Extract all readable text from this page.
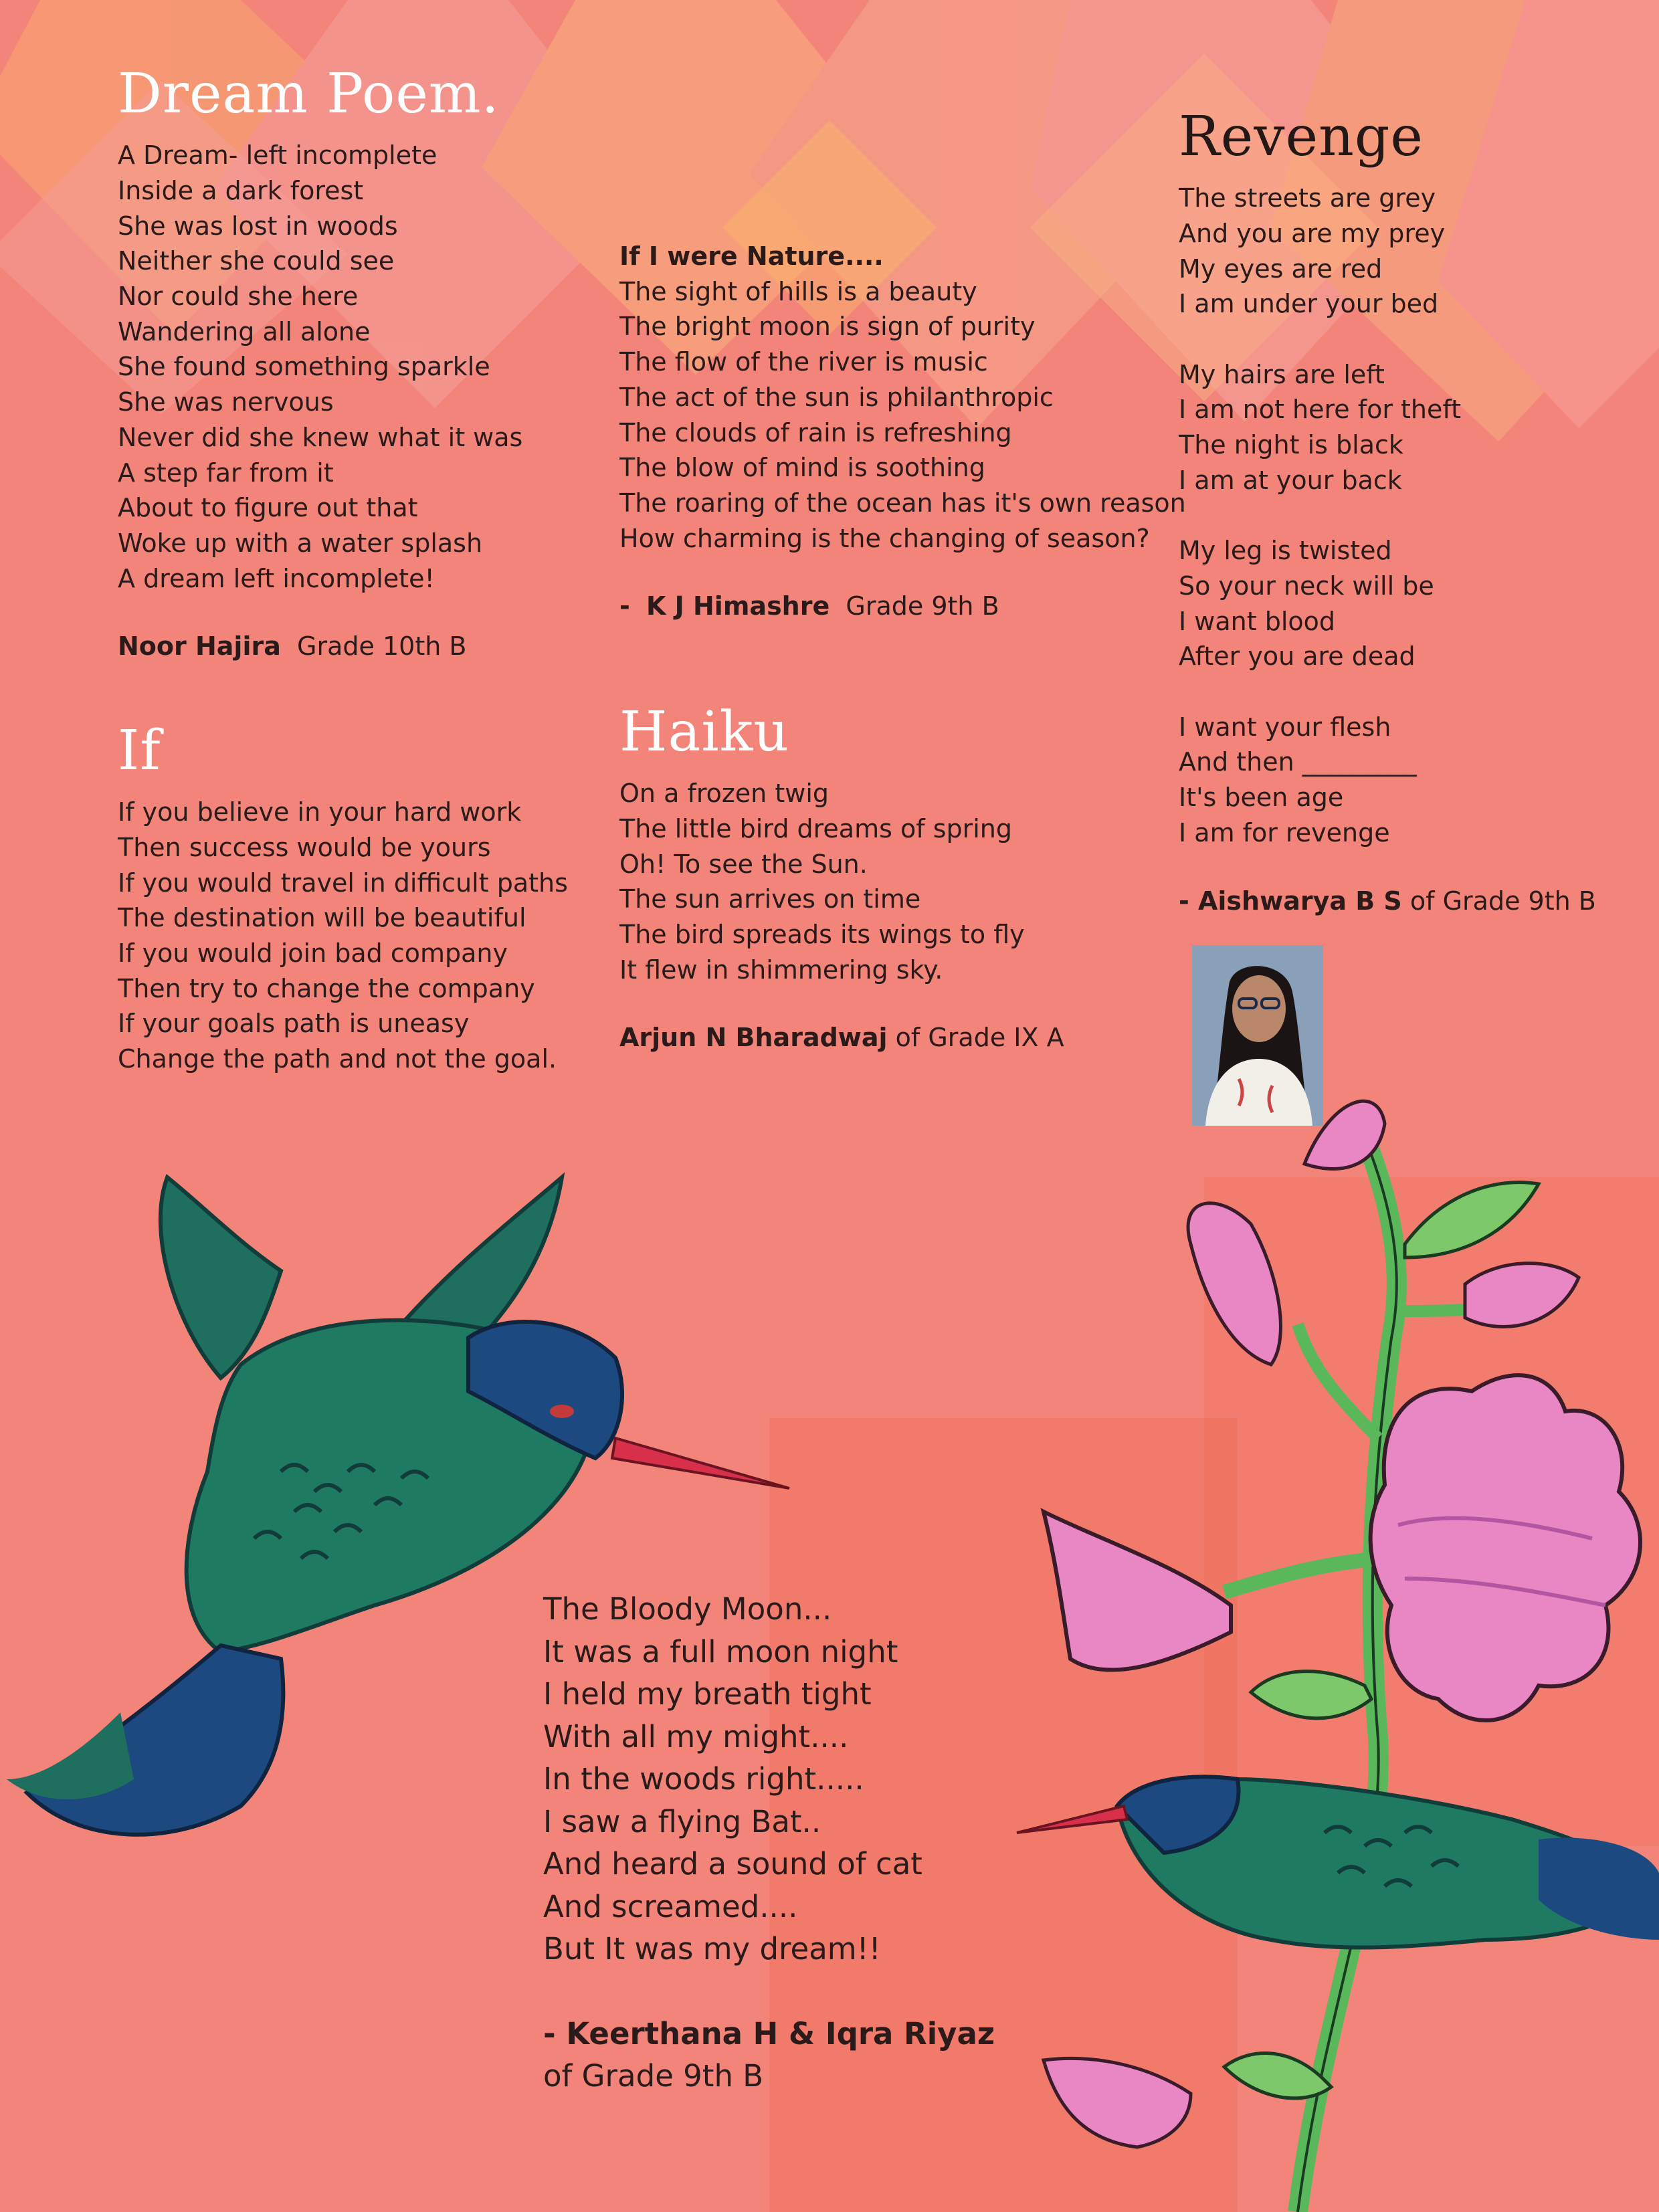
Dream Poem.
A Dream- left incomplete
Inside a dark forest
She was lost in woods
Neither she could see
Nor could she here
Wandering all alone
She found something sparkle
She was nervous
Never did she knew what it was
A step far from it
About to figure out that
Woke up with a water splash
A dream left incomplete!
Noor Hajira Grade 10th B
If I were Nature....
The sight of hills is a beauty
The bright moon is sign of purity
The flow of the river is music
The act of the sun is philanthropic
The clouds of rain is refreshing
The blow of mind is soothing
The roaring of the ocean has it's own reason
How charming is the changing of season?
- K J Himashre Grade 9th B
Revenge
The streets are grey
And you are my prey
My eyes are red
I am under your bed
My hairs are left
I am not here for theft
The night is black
I am at your back
My leg is twisted
So your neck will be
I want blood
After you are dead
I want your flesh
And then _________
It's been age
I am for revenge
- Aishwarya B S of Grade 9th B
If
If you believe in your hard work
Then success would be yours
If you would travel in difficult paths
The destination will be beautiful
If you would join bad company
Then try to change the company
If your goals path is uneasy
Change the path and not the goal.
Haiku
On a frozen twig
The little bird dreams of spring
Oh! To see the Sun.
The sun arrives on time
The bird spreads its wings to fly
It flew in shimmering sky.
Arjun N Bharadwaj of Grade IX A
The Bloody Moon...
It was a full moon night
I held my breath tight
With all my might....
In the woods right.....
I saw a flying Bat..
And heard a sound of cat
And screamed....
But It was my dream!!
- Keerthana H & Iqra Riyaz
of Grade 9th B
